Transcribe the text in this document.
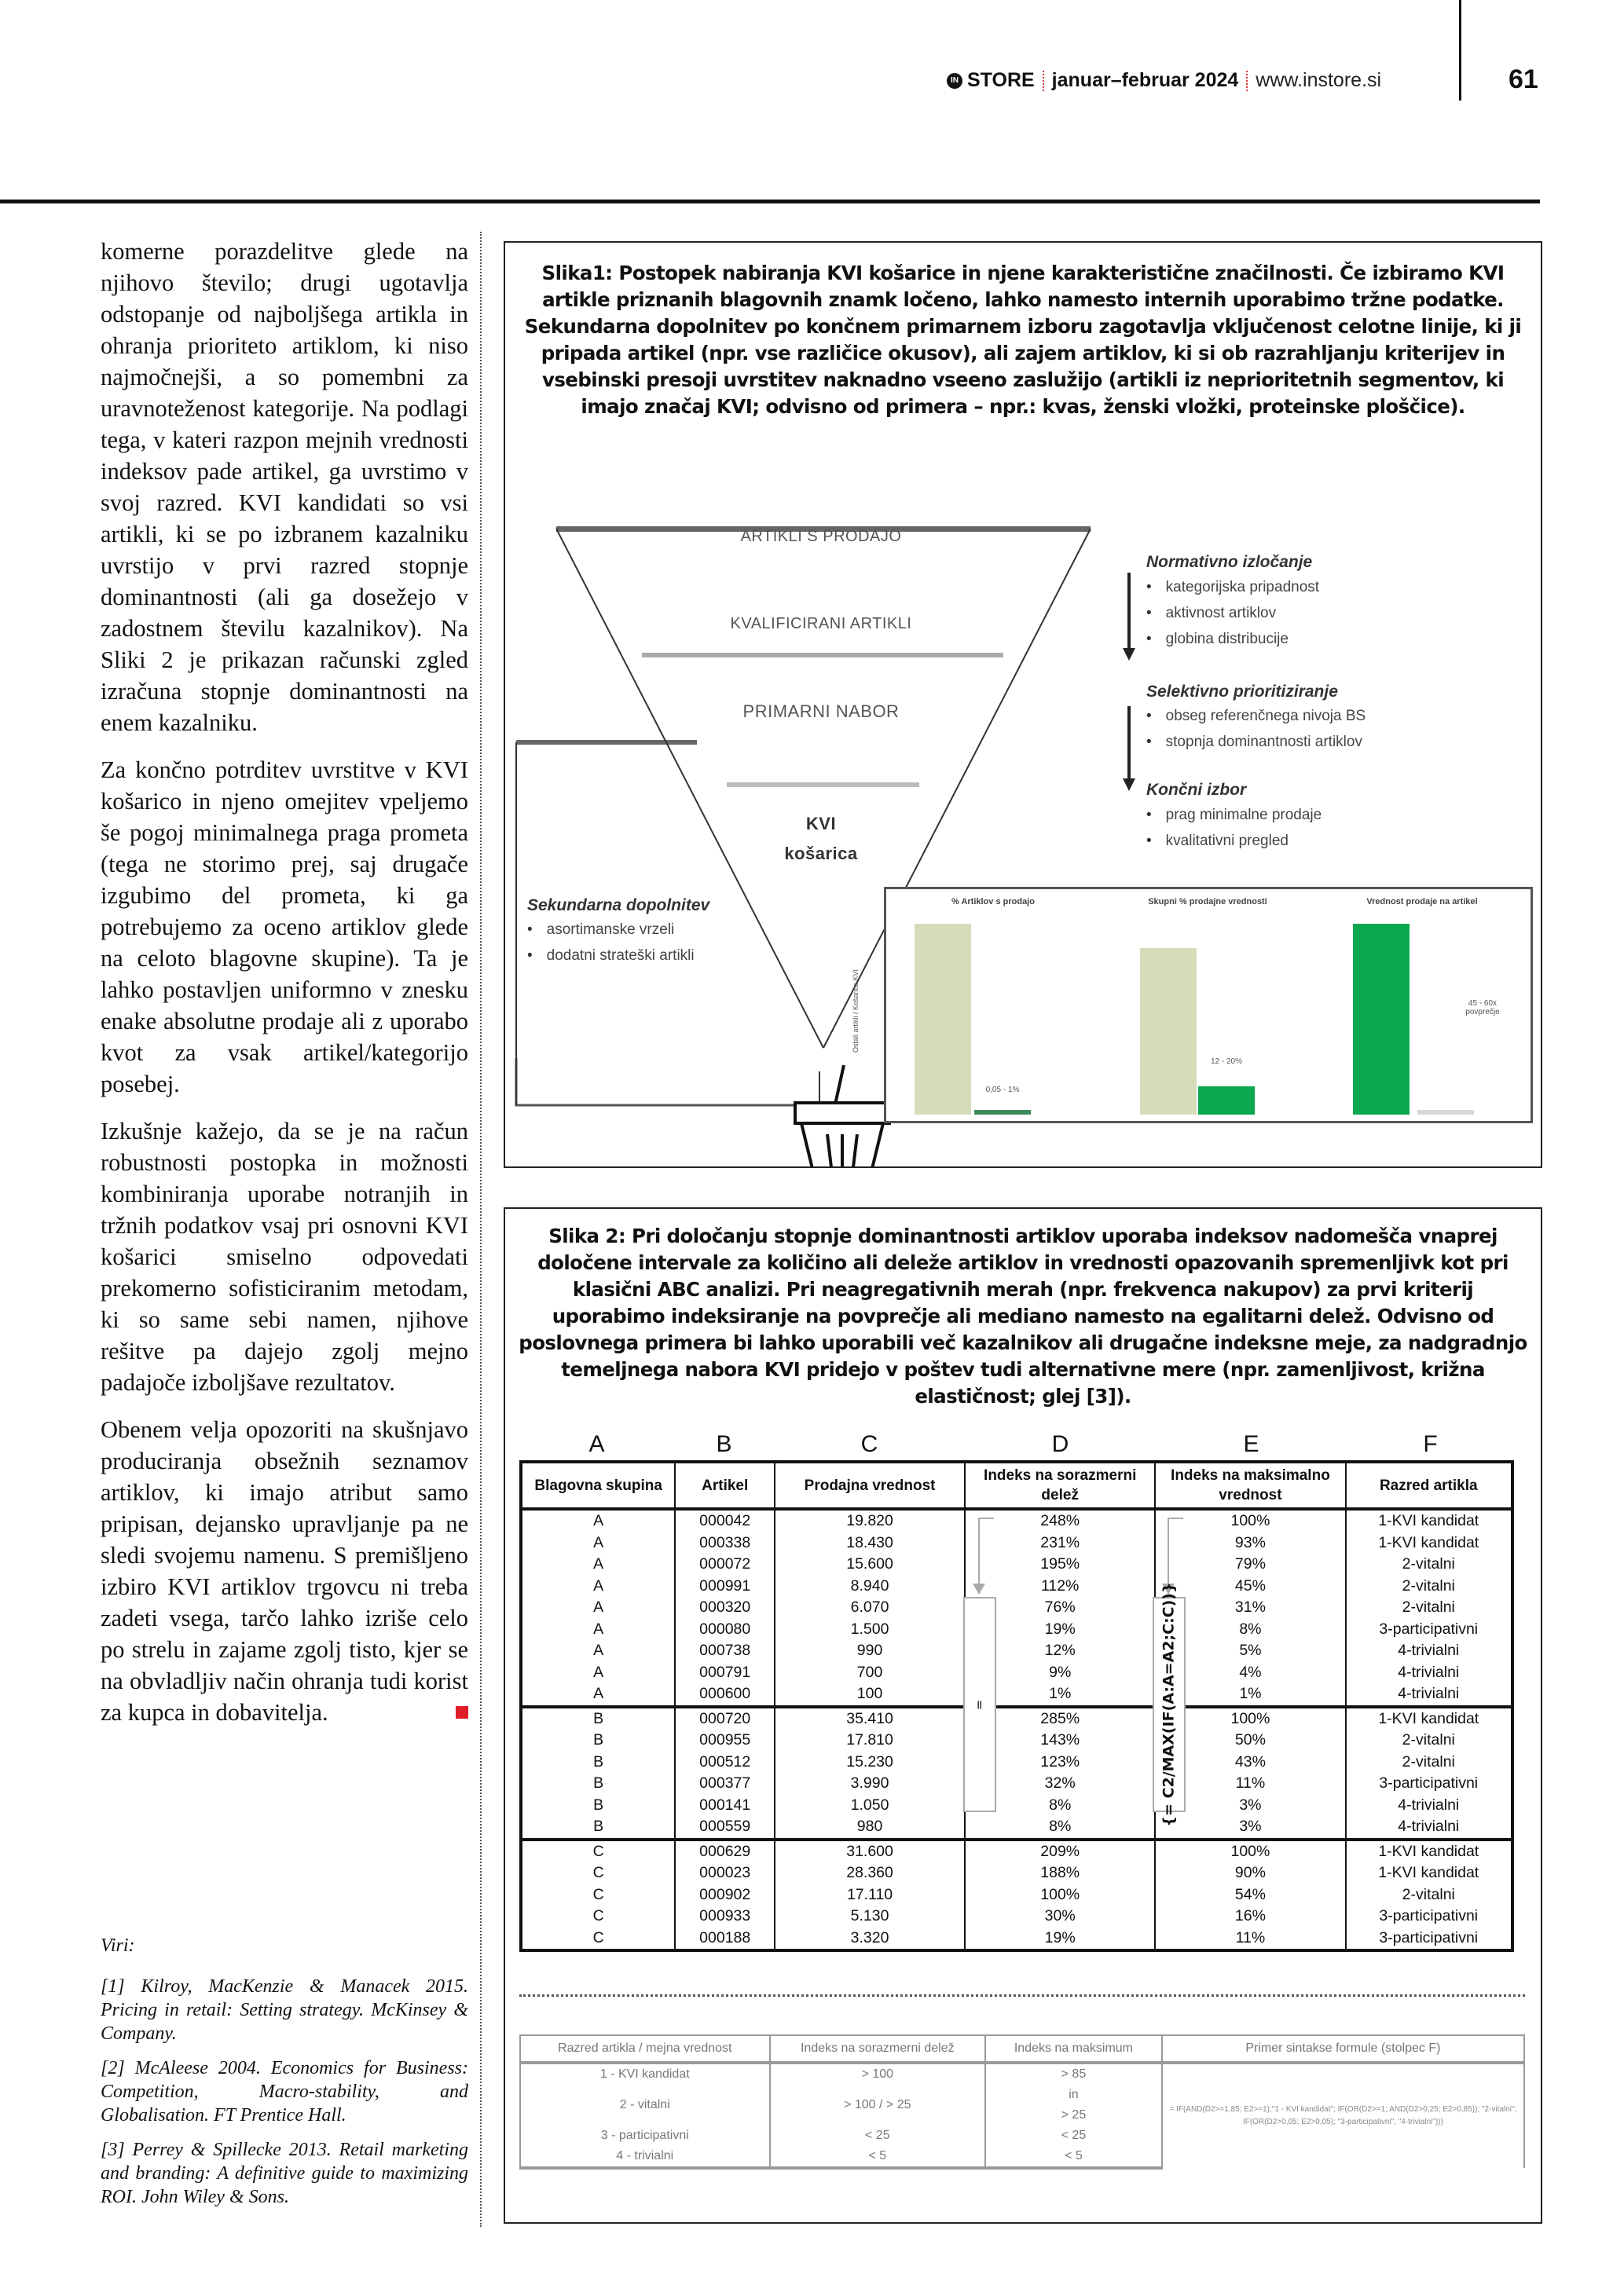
IN STORE januar–februar 2024 www.instore.si	61

komerne porazdelitve glede na njihovo število; drugi ugotavlja odstopanje od najboljšega artikla in ohranja prioriteto artiklom, ki niso najmočnejši, a so pomembni za uravnoteženost kategorije. Na podlagi tega, v kateri razpon mejnih vrednosti indeksov pade artikel, ga uvrstimo v svoj razred. KVI kandidati so vsi artikli, ki se po izbranem kazalniku uvrstijo v prvi razred stopnje dominantnosti (ali ga dosežejo v zadostnem številu kazalnikov). Na Sliki 2 je prikazan računski zgled izračuna stopnje dominantnosti na enem kazalniku.

Za končno potrditev uvrstitve v KVI košarico in njeno omejitev vpeljemo še pogoj minimalnega praga prometa (tega ne storimo prej, saj drugače izgubimo del prometa, ki ga potrebujemo za oceno artiklov glede na celoto blagovne skupine). Ta je lahko postavljen uniformno v znesku enake absolutne prodaje ali z uporabo kvot za vsak artikel/kategorijo posebej.

Izkušnje kažejo, da se je na račun robustnosti postopka in možnosti kombiniranja uporabe notranjih in tržnih podatkov vsaj pri osnovni KVI košarici smiselno odpovedati prekomerno sofisticiranim metodam, ki so same sebi namen, njihove rešitve pa dajejo zgolj mejno padajoče izboljšave rezultatov.

Obenem velja opozoriti na skušnjavo produciranja obsežnih seznamov artiklov, ki imajo atribut samo pripisan, dejansko upravljanje pa ne sledi svojemu namenu. S premišljeno izbiro KVI artiklov trgovcu ni treba zadeti vsega, tarčo lahko izriše celo po strelu in zajame zgolj tisto, kjer se na obvladljiv način ohranja tudi korist za kupca in dobavitelja.

Viri:

[1] Kilroy, MacKenzie & Manacek 2015. Pricing in retail: Setting strategy. McKinsey & Company.

[2] McAleese 2004. Economics for Business: Competition, Macro-stability, and Globalisation. FT Prentice Hall.

[3] Perrey & Spillecke 2013. Retail marketing and branding: A definitive guide to maximizing ROI. John Wiley & Sons.

Slika1: Postopek nabiranja KVI košarice in njene karakteristične značilnosti. Če izbiramo KVI artikle priznanih blagovnih znamk ločeno, lahko namesto internih uporabimo tržne podatke. Sekundarna dopolnitev po končnem primarnem izboru zagotavlja vključenost celotne linije, ki ji pripada artikel (npr. vse različice okusov), ali zajem artiklov, ki si ob razrahljanju kriterijev in vsebinski presoji uvrstitev naknadno vseeno zaslužijo (artikli iz neprioritetnih segmentov, ki imajo značaj KVI; odvisno od primera – npr.: kvas, ženski vložki, proteinske ploščice).
ARTIKLI S PRODAJO
KVALIFICIRANI ARTIKLI
PRIMARNI NABOR
KVI
košarica
Normativno izločanje
• kategorijska pripadnost
• aktivnost artiklov
• globina distribucije
Selektivno prioritiziranje
• obseg referenčnega nivoja BS
• stopnja dominantnosti artiklov
Končni izbor
• prag minimalne prodaje
• kvalitativni pregled
Sekundarna dopolnitev
• asortimanske vrzeli
• dodatni strateški artikli
Ostali artikli / Košarica KVI
% Artiklov s prodajo
0,05 - 1%
Skupni % prodajne vrednosti
12 - 20%
Vrednost prodaje na artikel
45 - 60x povprečje
Slika 2: Pri določanju stopnje dominantnosti artiklov uporaba indeksov nadomešča vnaprej določene intervale za količino ali deleže artiklov in vrednosti opazovanih spremenljivk kot pri klasični ABC analizi. Pri neagregativnih merah (npr. frekvenca nakupov) za prvi kriterij uporabimo indeksiranje na povprečje ali mediano namesto na egalitarni delež. Odvisno od poslovnega primera bi lahko uporabili več kazalnikov ali drugačne indeksne meje, za nadgradnjo temeljnega nabora KVI pridejo v poštev tudi alternativne mere (npr. zamenljivost, križna elastičnost; glej [3]).
A	B	C	D	E	F
Blagovna skupina	Artikel	Prodajna vrednost	Indeks na sorazmerni delež	Indeks na maksimalno vrednost	Razred artikla
A	000042	19.820	248%	100%	1-KVI kandidat
A	000338	18.430	231%	93%	1-KVI kandidat
A	000072	15.600	195%	79%	2-vitalni
A	000991	8.940	112%	45%	2-vitalni
A	000320	6.070	76%	31%	2-vitalni
A	000080	1.500	19%	8%	3-participativni
A	000738	990	12%	5%	4-trivialni
A	000791	700	9%	4%	4-trivialni
A	000600	100	1%	1%	4-trivialni
B	000720	35.410	285%	100%	1-KVI kandidat
B	000955	17.810	143%	50%	2-vitalni
B	000512	15.230	123%	43%	2-vitalni
B	000377	3.990	32%	11%	3-participativni
B	000141	1.050	8%	3%	4-trivialni
B	000559	980	8%	3%	4-trivialni
C	000629	31.600	209%	100%	1-KVI kandidat
C	000023	28.360	188%	90%	1-KVI kandidat
C	000902	17.110	100%	54%	2-vitalni
C	000933	5.130	30%	16%	3-participativni
C	000188	3.320	19%	11%	3-participativni
=	{= C2/MAX(IF(A:A=A2;C:C))}
Razred artikla / mejna vrednost	Indeks na sorazmerni delež	Indeks na maksimum	Primer sintakse formule (stolpec F)
1 - KVI kandidat	> 100	> 85	= IF(AND(D2>=1,85; E2>=1);"1 - KVI kandidat"; IF(OR(D2>=1; AND(D2>0,25; E2>0,85)); "2-vitalni"; IF(OR(D2>0,05; E2>0,05); "3-participativni"; "4-trivialni")))
2 - vitalni	> 100 / > 25	in	
		> 25	
3 - participativni	< 25	< 25	
4 - trivialni	< 5	< 5	
